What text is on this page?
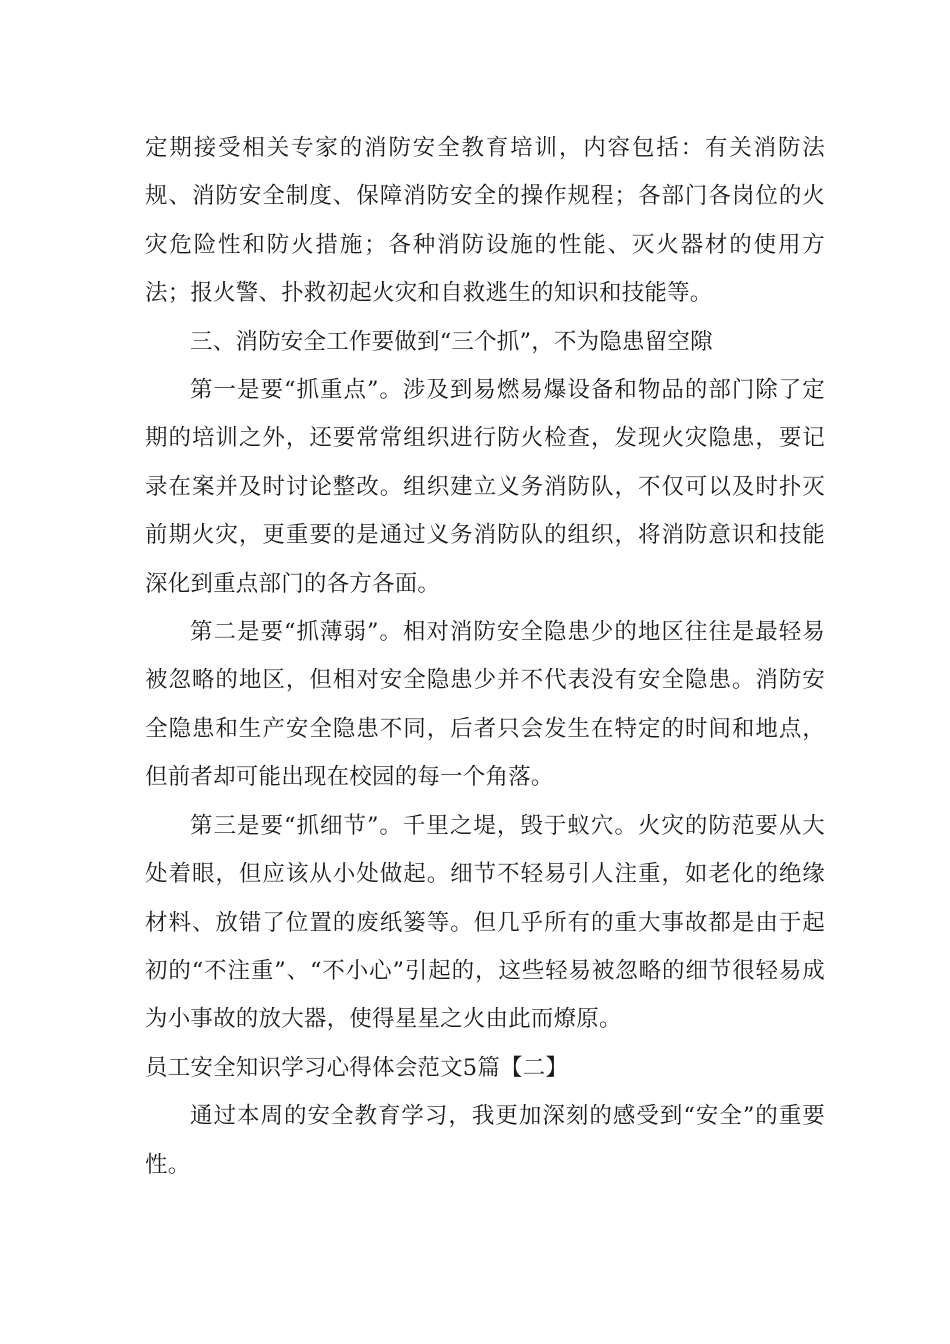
定期接受相关专家的消防安全教育培训，内容包括：有关消防法规、消防安全制度、保障消防安全的操作规程；各部门各岗位的火灾危险性和防火措施；各种消防设施的性能、灭火器材的使用方法；报火警、扑救初起火灾和自救逃生的知识和技能等。

三、消防安全工作要做到“三个抓”，不为隐患留空隙

第一是要“抓重点”。涉及到易燃易爆设备和物品的部门除了定期的培训之外，还要常常组织进行防火检查，发现火灾隐患，要记录在案并及时讨论整改。组织建立义务消防队，不仅可以及时扑灭前期火灾，更重要的是通过义务消防队的组织，将消防意识和技能深化到重点部门的各方各面。

第二是要“抓薄弱”。相对消防安全隐患少的地区往往是最轻易被忽略的地区，但相对安全隐患少并不代表没有安全隐患。消防安全隐患和生产安全隐患不同，后者只会发生在特定的时间和地点，但前者却可能出现在校园的每一个角落。

第三是要“抓细节”。千里之堤，毁于蚁穴。火灾的防范要从大处着眼，但应该从小处做起。细节不轻易引人注重，如老化的绝缘材料、放错了位置的废纸篓等。但几乎所有的重大事故都是由于起初的“不注重”、“不小心”引起的，这些轻易被忽略的细节很轻易成为小事故的放大器，使得星星之火由此而燎原。

员工安全知识学习心得体会范文5篇【二】

通过本周的安全教育学习，我更加深刻的感受到“安全”的重要性。
